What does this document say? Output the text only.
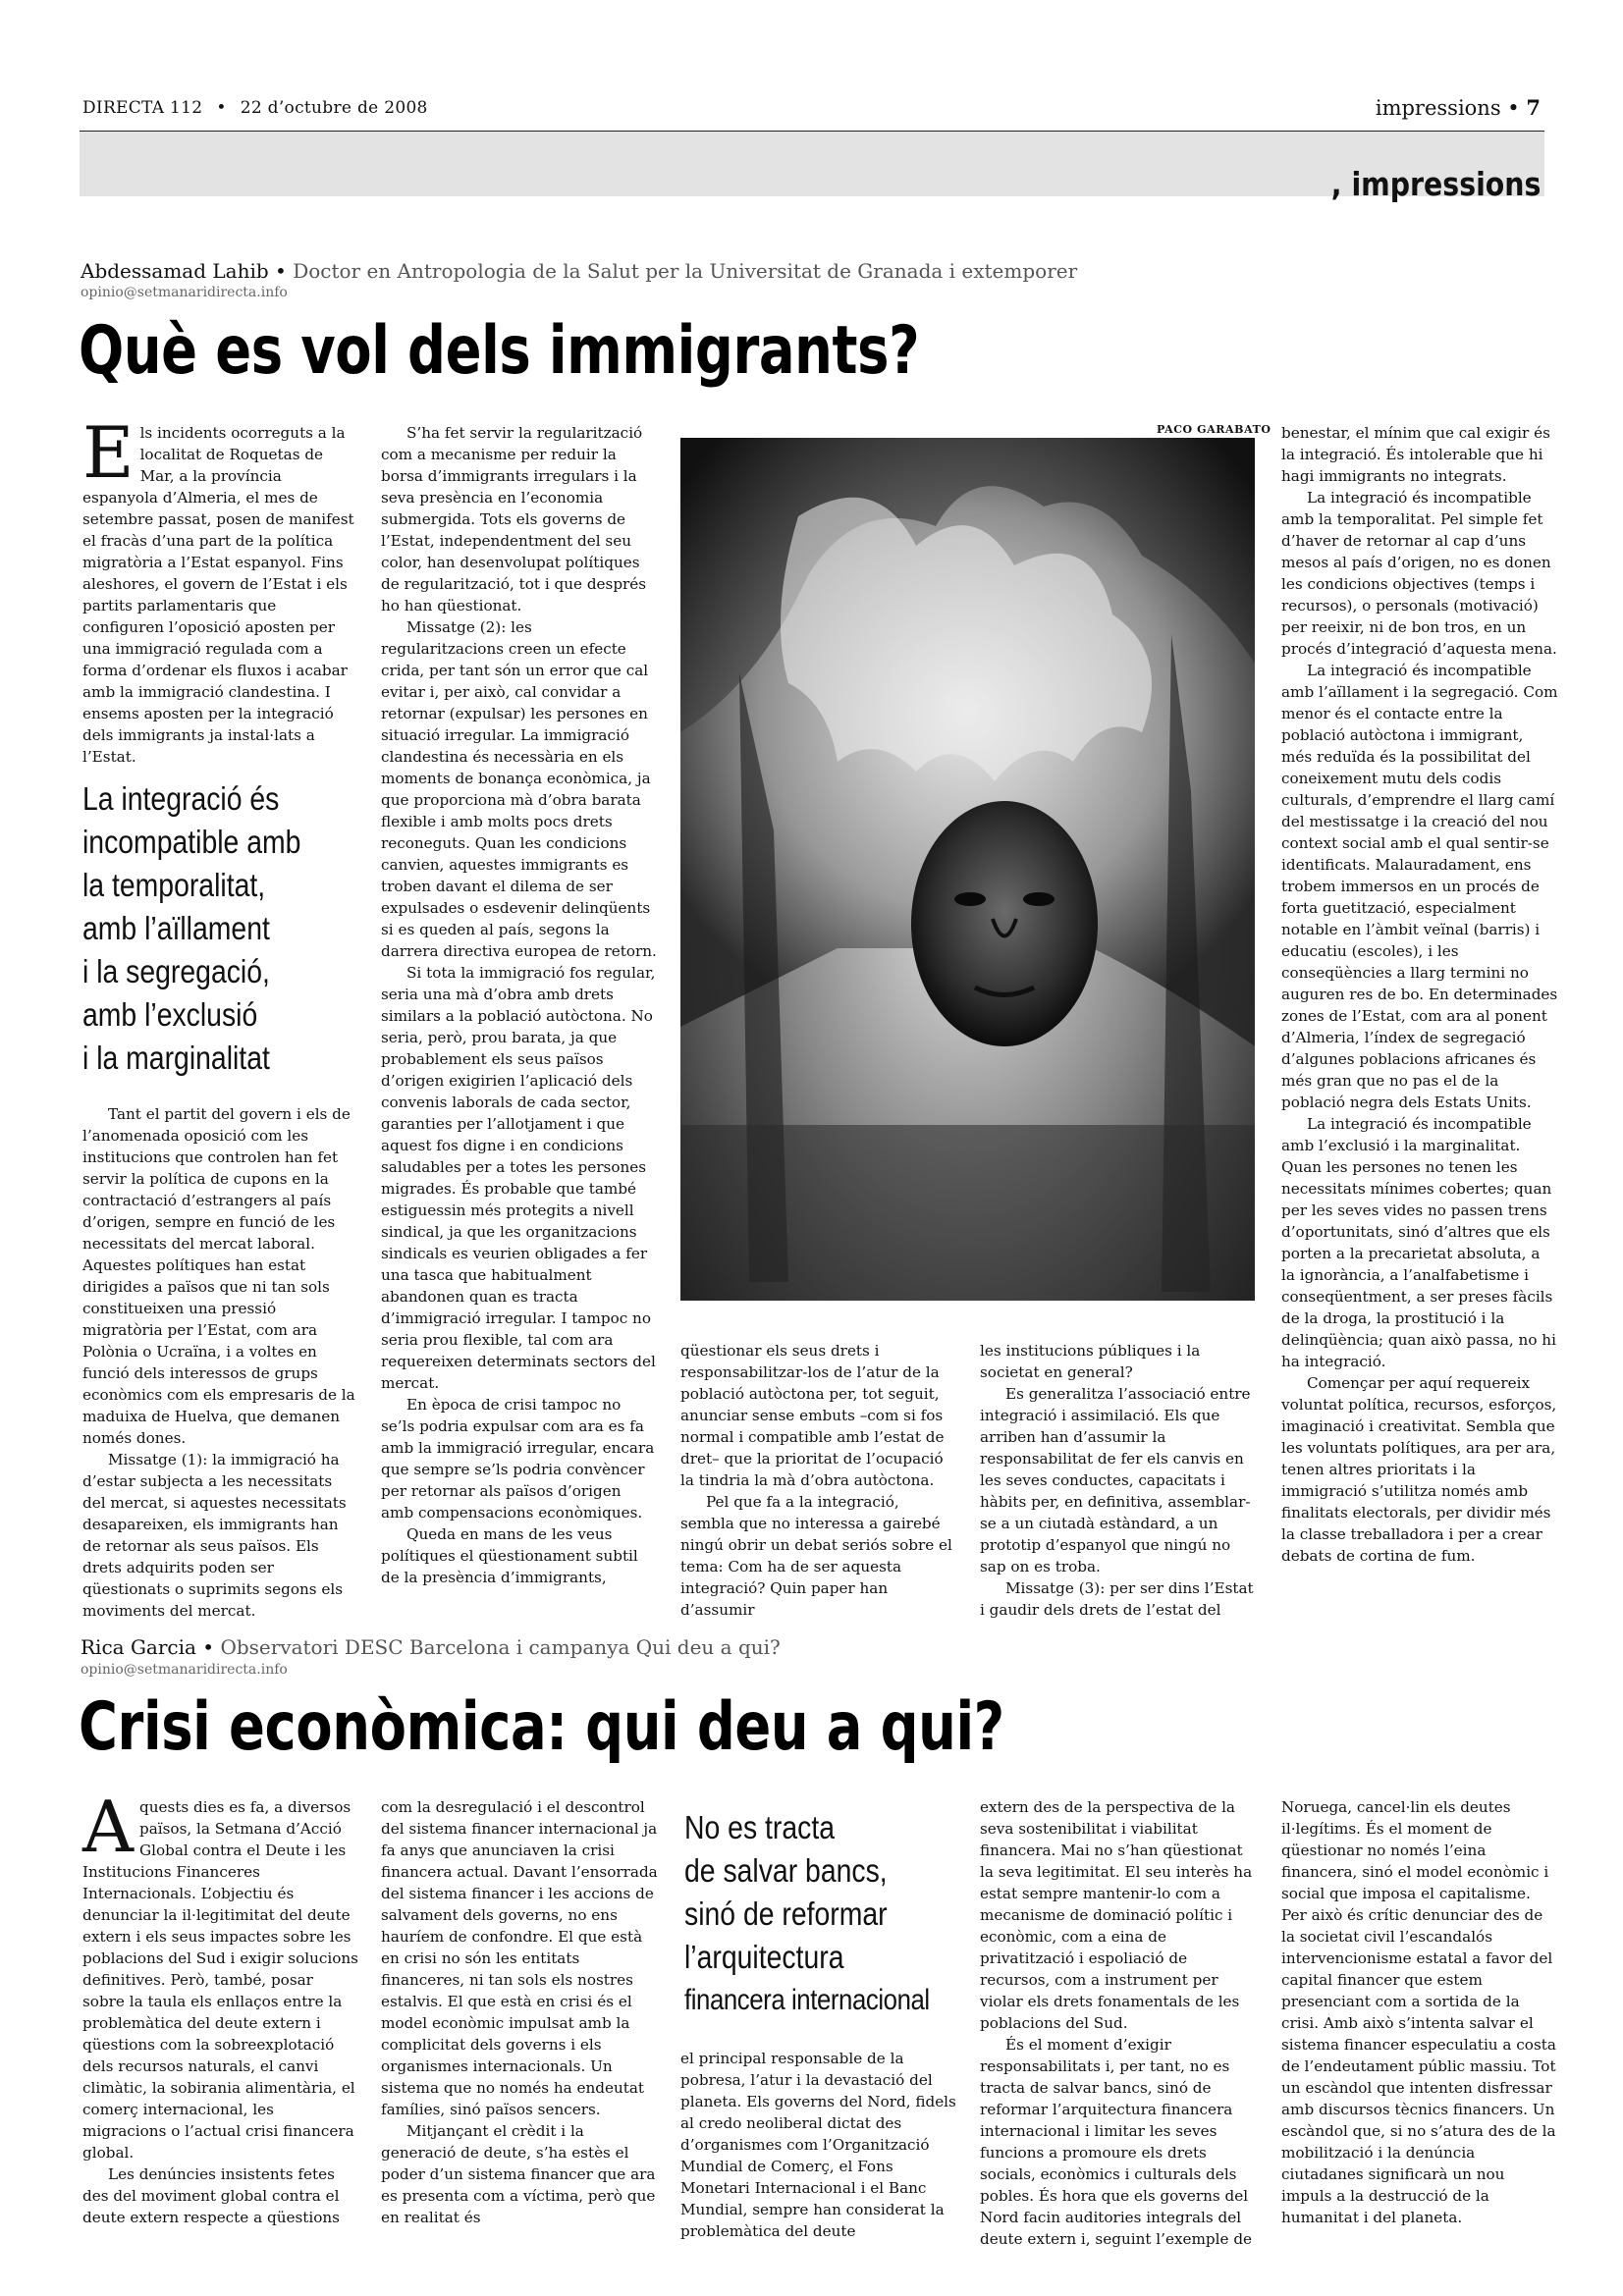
DIRECTA 112 • 22 d’octubre de 2008	impressions • 7
, impressions
Abdessamad Lahib • Doctor en Antropologia de la Salut per la Universitat de Granada i extemporer
opinio@setmanaridirecta.info
Què es vol dels immigrants?

Els incidents ocorreguts a la localitat de Roquetas de Mar, a la província espanyola d’Almeria, el mes de setembre passat, posen de manifest el fracàs d’una part de la política migratòria a l’Estat espanyol. Fins aleshores, el govern de l’Estat i els partits parlamentaris que configuren l’oposició aposten per una immigració regulada com a forma d’ordenar els fluxos i acabar amb la immigració clandestina. I ensems aposten per la integració dels immigrants ja instal·lats a l’Estat.

La integració és
incompatible amb
la temporalitat,
amb l’aïllament
i la segregació,
amb l’exclusió
i la marginalitat

Tant el partit del govern i els de l’anomenada oposició com les institucions que controlen han fet servir la política de cupons en la contractació d’estrangers al país d’origen, sempre en funció de les necessitats del mercat laboral. Aquestes polítiques han estat dirigides a països que ni tan sols constitueixen una pressió migratòria per l’Estat, com ara Polònia o Ucraïna, i a voltes en funció dels interessos de grups econòmics com els empresaris de la maduixa de Huelva, que demanen només dones.

Missatge (1): la immigració ha d’estar subjecta a les necessitats del mercat, si aquestes necessitats desapareixen, els immigrants han de retornar als seus països. Els drets adquirits poden ser qüestionats o suprimits segons els moviments del mercat.

S’ha fet servir la regularització com a mecanisme per reduir la borsa d’immigrants irregulars i la seva presència en l’economia submergida. Tots els governs de l’Estat, independentment del seu color, han desenvolupat polítiques de regularització, tot i que després ho han qüestionat.

Missatge (2): les regularitzacions creen un efecte crida, per tant són un error que cal evitar i, per això, cal convidar a retornar (expulsar) les persones en situació irregular. La immigració clandestina és necessària en els moments de bonança econòmica, ja que proporciona mà d’obra barata flexible i amb molts pocs drets reconeguts. Quan les condicions canvien, aquestes immigrants es troben davant el dilema de ser expulsades o esdevenir delinqüents si es queden al país, segons la darrera directiva europea de retorn.

Si tota la immigració fos regular, seria una mà d’obra amb drets similars a la població autòctona. No seria, però, prou barata, ja que probablement els seus països d’origen exigirien l’aplicació dels convenis laborals de cada sector, garanties per l’allotjament i que aquest fos digne i en condicions saludables per a totes les persones migrades. És probable que també estiguessin més protegits a nivell sindical, ja que les organitzacions sindicals es veurien obligades a fer una tasca que habitualment abandonen quan es tracta d’immigració irregular. I tampoc no seria prou flexible, tal com ara requereixen determinats sectors del mercat.

En època de crisi tampoc no se’ls podria expulsar com ara es fa amb la immigració irregular, encara que sempre se’ls podria convèncer per retornar als països d’origen amb compensacions econòmiques.

Queda en mans de les veus polítiques el qüestionament subtil de la presència d’immigrants,

PACO GARABATO

qüestionar els seus drets i responsabilitzar-los de l’atur de la població autòctona per, tot seguit, anunciar sense embuts –com si fos normal i compatible amb l’estat de dret– que la prioritat de l’ocupació la tindria la mà d’obra autòctona.

Pel que fa a la integració, sembla que no interessa a gairebé ningú obrir un debat seriós sobre el tema: Com ha de ser aquesta integració? Quin paper han d’assumir

les institucions públiques i la societat en general?

Es generalitza l’associació entre integració i assimilació. Els que arriben han d’assumir la responsabilitat de fer els canvis en les seves conductes, capacitats i hàbits per, en definitiva, assemblar-se a un ciutadà estàndard, a un prototip d’espanyol que ningú no sap on es troba.

Missatge (3): per ser dins l’Estat i gaudir dels drets de l’estat del

benestar, el mínim que cal exigir és la integració. És intolerable que hi hagi immigrants no integrats.

La integració és incompatible amb la temporalitat. Pel simple fet d’haver de retornar al cap d’uns mesos al país d’origen, no es donen les condicions objectives (temps i recursos), o personals (motivació) per reeixir, ni de bon tros, en un procés d’integració d’aquesta mena.

La integració és incompatible amb l’aïllament i la segregació. Com menor és el contacte entre la població autòctona i immigrant, més reduïda és la possibilitat del coneixement mutu dels codis culturals, d’emprendre el llarg camí del mestissatge i la creació del nou context social amb el qual sentir-se identificats. Malauradament, ens trobem immersos en un procés de forta guetització, especialment notable en l’àmbit veïnal (barris) i educatiu (escoles), i les conseqüències a llarg termini no auguren res de bo. En determinades zones de l’Estat, com ara al ponent d’Almeria, l’índex de segregació d’algunes poblacions africanes és més gran que no pas el de la població negra dels Estats Units.

La integració és incompatible amb l’exclusió i la marginalitat. Quan les persones no tenen les necessitats mínimes cobertes; quan per les seves vides no passen trens d’oportunitats, sinó d’altres que els porten a la precarietat absoluta, a la ignorància, a l’analfabetisme i conseqüentment, a ser preses fàcils de la droga, la prostitució i la delinqüència; quan això passa, no hi ha integració.

Començar per aquí requereix voluntat política, recursos, esforços, imaginació i creativitat. Sembla que les voluntats polítiques, ara per ara, tenen altres prioritats i la immigració s’utilitza només amb finalitats electorals, per dividir més la classe treballadora i per a crear debats de cortina de fum.

Rica Garcia • Observatori DESC Barcelona i campanya Qui deu a qui?
opinio@setmanaridirecta.info
Crisi econòmica: qui deu a qui?

Aquests dies es fa, a diversos països, la Setmana d’Acció Global contra el Deute i les Institucions Financeres Internacionals. L’objectiu és denunciar la il·legitimitat del deute extern i els seus impactes sobre les poblacions del Sud i exigir solucions definitives. Però, també, posar sobre la taula els enllaços entre la problemàtica del deute extern i qüestions com la sobreexplotació dels recursos naturals, el canvi climàtic, la sobirania alimentària, el comerç internacional, les migracions o l’actual crisi financera global.

Les denúncies insistents fetes des del moviment global contra el deute extern respecte a qüestions

com la desregulació i el descontrol del sistema financer internacional ja fa anys que anunciaven la crisi financera actual. Davant l’ensorrada del sistema financer i les accions de salvament dels governs, no ens hauríem de confondre. El que està en crisi no són les entitats financeres, ni tan sols els nostres estalvis. El que està en crisi és el model econòmic impulsat amb la complicitat dels governs i els organismes internacionals. Un sistema que no només ha endeutat famílies, sinó països sencers.

Mitjançant el crèdit i la generació de deute, s’ha estès el poder d’un sistema financer que ara es presenta com a víctima, però que en realitat és

No es tracta
de salvar bancs,
sinó de reformar
l’arquitectura
financera internacional

el principal responsable de la pobresa, l’atur i la devastació del planeta. Els governs del Nord, fidels al credo neoliberal dictat des d’organismes com l’Organització Mundial de Comerç, el Fons Monetari Internacional i el Banc Mundial, sempre han considerat la problemàtica del deute

extern des de la perspectiva de la seva sostenibilitat i viabilitat financera. Mai no s’han qüestionat la seva legitimitat. El seu interès ha estat sempre mantenir-lo com a mecanisme de dominació polític i econòmic, com a eina de privatització i espoliació de recursos, com a instrument per violar els drets fonamentals de les poblacions del Sud.

És el moment d’exigir responsabilitats i, per tant, no es tracta de salvar bancs, sinó de reformar l’arquitectura financera internacional i limitar les seves funcions a promoure els drets socials, econòmics i culturals dels pobles. És hora que els governs del Nord facin auditories integrals del deute extern i, seguint l’exemple de

Noruega, cancel·lin els deutes il·legítims. És el moment de qüestionar no només l’eina financera, sinó el model econòmic i social que imposa el capitalisme. Per això és crític denunciar des de la societat civil l’escandalós intervencionisme estatal a favor del capital financer que estem presenciant com a sortida de la crisi. Amb això s’intenta salvar el sistema financer especulatiu a costa de l’endeutament públic massiu. Tot un escàndol que intenten disfressar amb discursos tècnics financers. Un escàndol que, si no s’atura des de la mobilització i la denúncia ciutadanes significarà un nou impuls a la destrucció de la humanitat i del planeta.
